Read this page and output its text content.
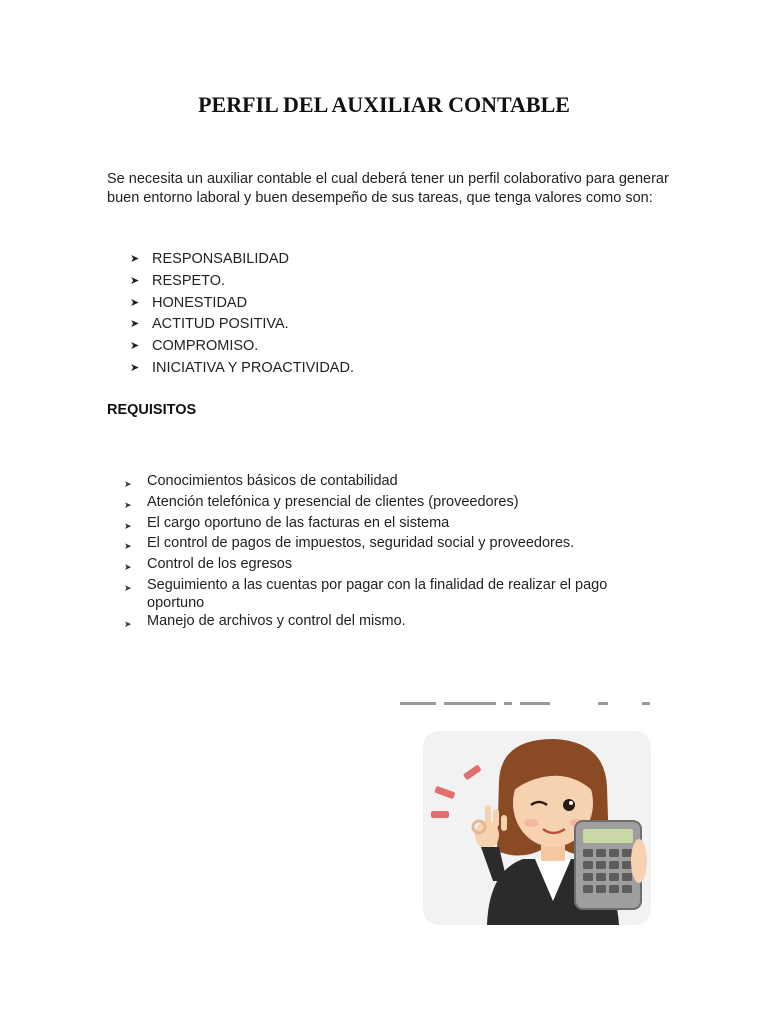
PERFIL DEL AUXILIAR CONTABLE
Se necesita un auxiliar contable el cual deberá tener un perfil colaborativo para generar buen entorno laboral y buen desempeño de sus tareas, que tenga valores como son:
➤ RESPONSABILIDAD
➤ RESPETO.
➤ HONESTIDAD
➤ ACTITUD POSITIVA.
➤ COMPROMISO.
➤ INICIATIVA Y PROACTIVIDAD.
REQUISITOS
➤	Conocimientos básicos de contabilidad
➤	Atención telefónica y presencial de clientes (proveedores)
➤	El cargo oportuno de las facturas en el sistema
➤	El control de pagos de impuestos, seguridad social y proveedores.
➤	Control de los egresos
➤	Seguimiento a las cuentas por pagar con la finalidad de realizar el pago oportuno
➤	Manejo de archivos y control del mismo.
